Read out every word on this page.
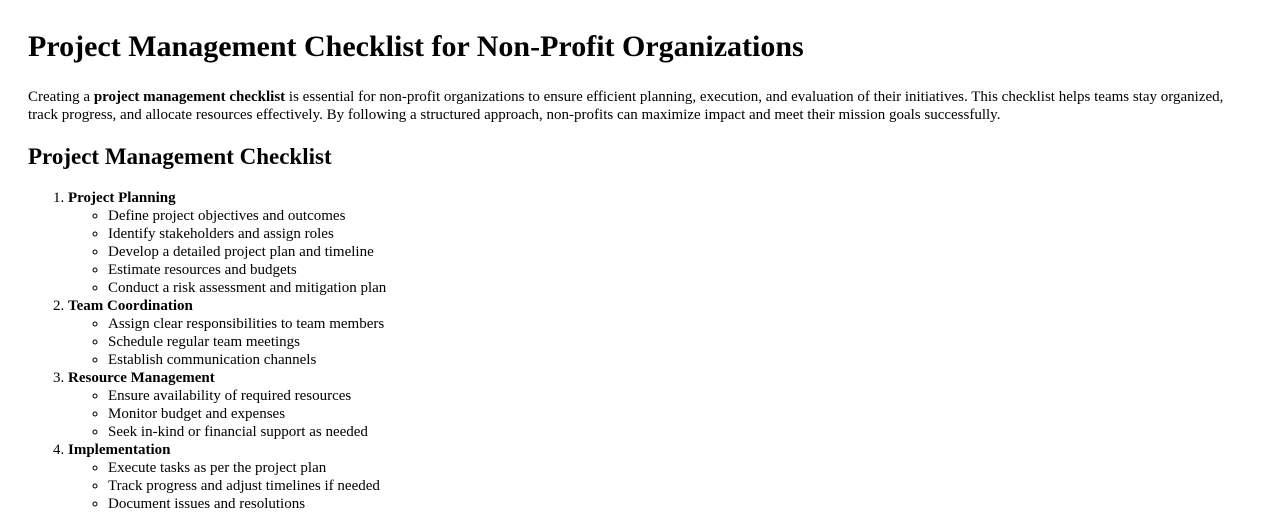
Project Management Checklist for Non-Profit Organizations

Creating a project management checklist is essential for non-profit organizations to ensure efficient planning, execution, and evaluation of their initiatives. This checklist helps teams stay organized, track progress, and allocate resources effectively. By following a structured approach, non-profits can maximize impact and meet their mission goals successfully.

Project Management Checklist
1. Project Planning
◦ Define project objectives and outcomes
◦ Identify stakeholders and assign roles
◦ Develop a detailed project plan and timeline
◦ Estimate resources and budgets
◦ Conduct a risk assessment and mitigation plan
2. Team Coordination
◦ Assign clear responsibilities to team members
◦ Schedule regular team meetings
◦ Establish communication channels
3. Resource Management
◦ Ensure availability of required resources
◦ Monitor budget and expenses
◦ Seek in-kind or financial support as needed
4. Implementation
◦ Execute tasks as per the project plan
◦ Track progress and adjust timelines if needed
◦ Document issues and resolutions
